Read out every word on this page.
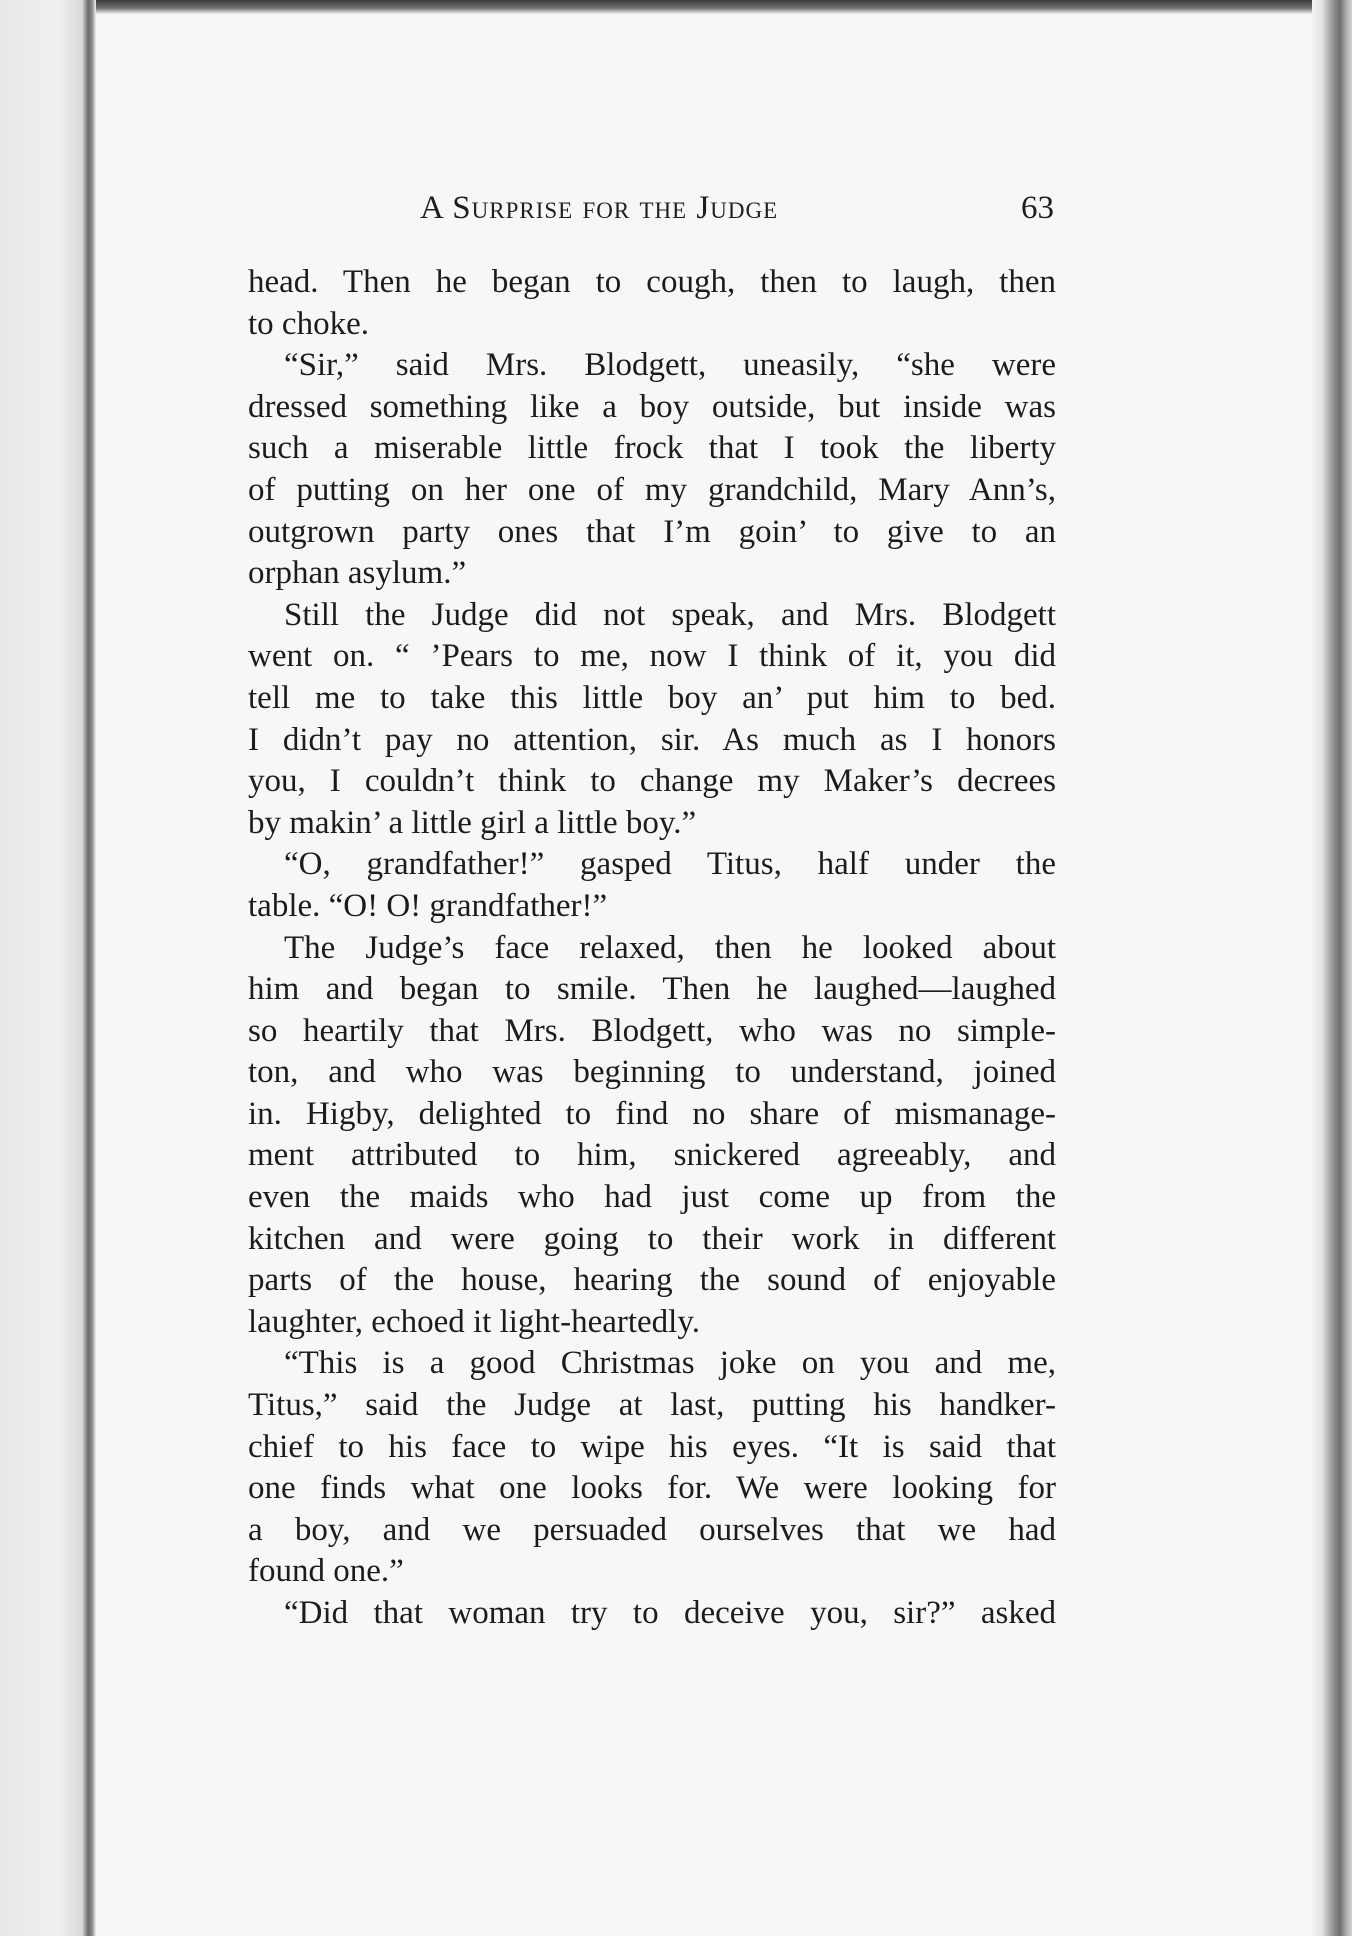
A Surprise for the Judge	63

head. Then he began to cough, then to laugh, then
to choke.

“Sir,” said Mrs. Blodgett, uneasily, “she were
dressed something like a boy outside, but inside was
such a miserable little frock that I took the liberty
of putting on her one of my grandchild, Mary Ann’s,
outgrown party ones that I’m goin’ to give to an
orphan asylum.”

Still the Judge did not speak, and Mrs. Blodgett
went on. “ ’Pears to me, now I think of it, you did
tell me to take this little boy an’ put him to bed.
I didn’t pay no attention, sir. As much as I honors
you, I couldn’t think to change my Maker’s decrees
by makin’ a little girl a little boy.”

“O, grandfather!” gasped Titus, half under the
table. “O! O! grandfather!”

The Judge’s face relaxed, then he looked about
him and began to smile. Then he laughed—laughed
so heartily that Mrs. Blodgett, who was no simple-
ton, and who was beginning to understand, joined
in. Higby, delighted to find no share of mismanage-
ment attributed to him, snickered agreeably, and
even the maids who had just come up from the
kitchen and were going to their work in different
parts of the house, hearing the sound of enjoyable
laughter, echoed it light-heartedly.

“This is a good Christmas joke on you and me,
Titus,” said the Judge at last, putting his handker-
chief to his face to wipe his eyes. “It is said that
one finds what one looks for. We were looking for
a boy, and we persuaded ourselves that we had
found one.”

“Did that woman try to deceive you, sir?” asked
